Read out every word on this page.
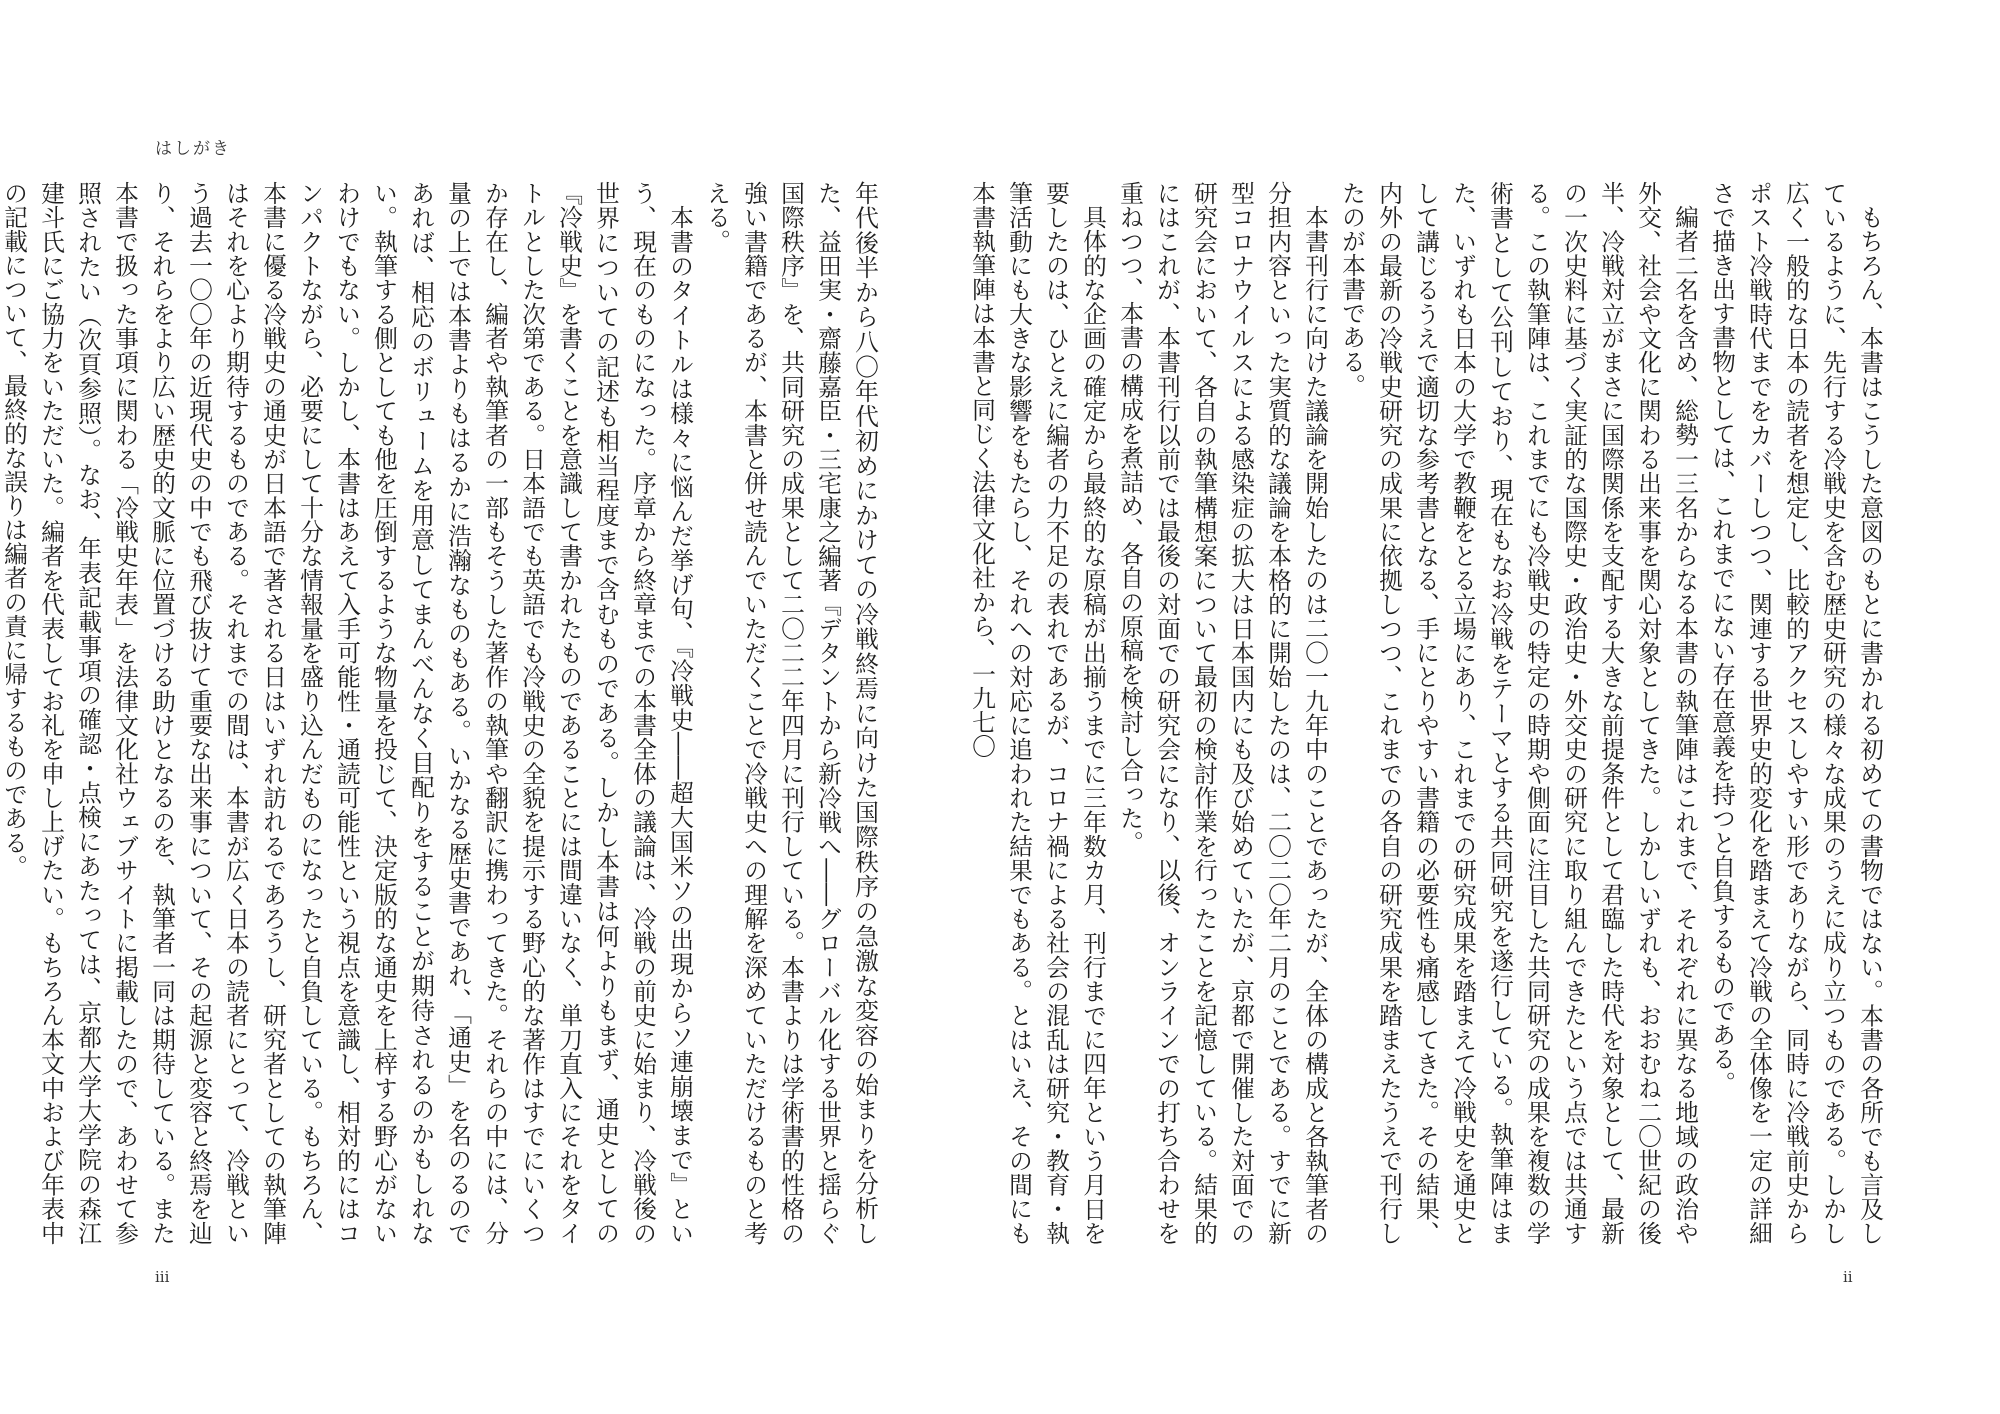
はしがき

年代後半から八〇年代初めにかけての冷戦終焉に向けた国際秩序の急激な変容の始まりを分析した、益田実・齋藤嘉臣・三宅康之編著『デタントから新冷戦へ――グローバル化する世界と揺らぐ国際秩序』を、共同研究の成果として二〇二二年四月に刊行している。本書よりは学術書的性格の強い書籍であるが、本書と併せ読んでいただくことで冷戦史への理解を深めていただけるものと考える。

本書のタイトルは様々に悩んだ挙げ句、『冷戦史――超大国米ソの出現からソ連崩壊まで』という、現在のものになった。序章から終章までの本書全体の議論は、冷戦の前史に始まり、冷戦後の世界についての記述も相当程度まで含むものである。しかし本書は何よりもまず、通史としての『冷戦史』を書くことを意識して書かれたものであることには間違いなく、単刀直入にそれをタイトルとした次第である。日本語でも英語でも冷戦史の全貌を提示する野心的な著作はすでにいくつか存在し、編者や執筆者の一部もそうした著作の執筆や翻訳に携わってきた。それらの中には、分量の上では本書よりもはるかに浩瀚なものもある。いかなる歴史書であれ、「通史」を名のるのであれば、相応のボリュームを用意してまんべんなく目配りをすることが期待されるのかもしれない。執筆する側としても他を圧倒するような物量を投じて、決定版的な通史を上梓する野心がないわけでもない。しかし、本書はあえて入手可能性・通読可能性という視点を意識し、相対的にはコンパクトながら、必要にして十分な情報量を盛り込んだものになったと自負している。もちろん、本書に優る冷戦史の通史が日本語で著される日はいずれ訪れるであろうし、研究者としての執筆陣はそれを心より期待するものである。それまでの間は、本書が広く日本の読者にとって、冷戦という過去一〇〇年の近現代史の中でも飛び抜けて重要な出来事について、その起源と変容と終焉を辿り、それらをより広い歴史的文脈に位置づける助けとなるのを、執筆者一同は期待している。また本書で扱った事項に関わる「冷戦史年表」を法律文化社ウェブサイトに掲載したので、あわせて参照されたい（次頁参照）。なお、年表記載事項の確認・点検にあたっては、京都大学大学院の森江建斗氏にご協力をいただいた。編者を代表してお礼を申し上げたい。もちろん本文中および年表中の記載について、最終的な誤りは編者の責に帰するものである。

iii

もちろん、本書はこうした意図のもとに書かれる初めての書物ではない。本書の各所でも言及しているように、先行する冷戦史を含む歴史研究の様々な成果のうえに成り立つものである。しかし広く一般的な日本の読者を想定し、比較的アクセスしやすい形でありながら、同時に冷戦前史からポスト冷戦時代までをカバーしつつ、関連する世界史的変化を踏まえて冷戦の全体像を一定の詳細さで描き出す書物としては、これまでにない存在意義を持つと自負するものである。

編者二名を含め、総勢一三名からなる本書の執筆陣はこれまで、それぞれに異なる地域の政治や外交、社会や文化に関わる出来事を関心対象としてきた。しかしいずれも、おおむね二〇世紀の後半、冷戦対立がまさに国際関係を支配する大きな前提条件として君臨した時代を対象として、最新の一次史料に基づく実証的な国際史・政治史・外交史の研究に取り組んできたという点では共通する。この執筆陣は、これまでにも冷戦史の特定の時期や側面に注目した共同研究の成果を複数の学術書として公刊しており、現在もなお冷戦をテーマとする共同研究を遂行している。執筆陣はまた、いずれも日本の大学で教鞭をとる立場にあり、これまでの研究成果を踏まえて冷戦史を通史として講じるうえで適切な参考書となる、手にとりやすい書籍の必要性も痛感してきた。その結果、内外の最新の冷戦史研究の成果に依拠しつつ、これまでの各自の研究成果を踏まえたうえで刊行したのが本書である。

本書刊行に向けた議論を開始したのは二〇一九年中のことであったが、全体の構成と各執筆者の分担内容といった実質的な議論を本格的に開始したのは、二〇二〇年二月のことである。すでに新型コロナウイルスによる感染症の拡大は日本国内にも及び始めていたが、京都で開催した対面での研究会において、各自の執筆構想案について最初の検討作業を行ったことを記憶している。結果的にはこれが、本書刊行以前では最後の対面での研究会になり、以後、オンラインでの打ち合わせを重ねつつ、本書の構成を煮詰め、各自の原稿を検討し合った。

具体的な企画の確定から最終的な原稿が出揃うまでに三年数カ月、刊行までに四年という月日を要したのは、ひとえに編者の力不足の表れであるが、コロナ禍による社会の混乱は研究・教育・執筆活動にも大きな影響をもたらし、それへの対応に追われた結果でもある。とはいえ、その間にも本書執筆陣は本書と同じく法律文化社から、一九七〇

ii
